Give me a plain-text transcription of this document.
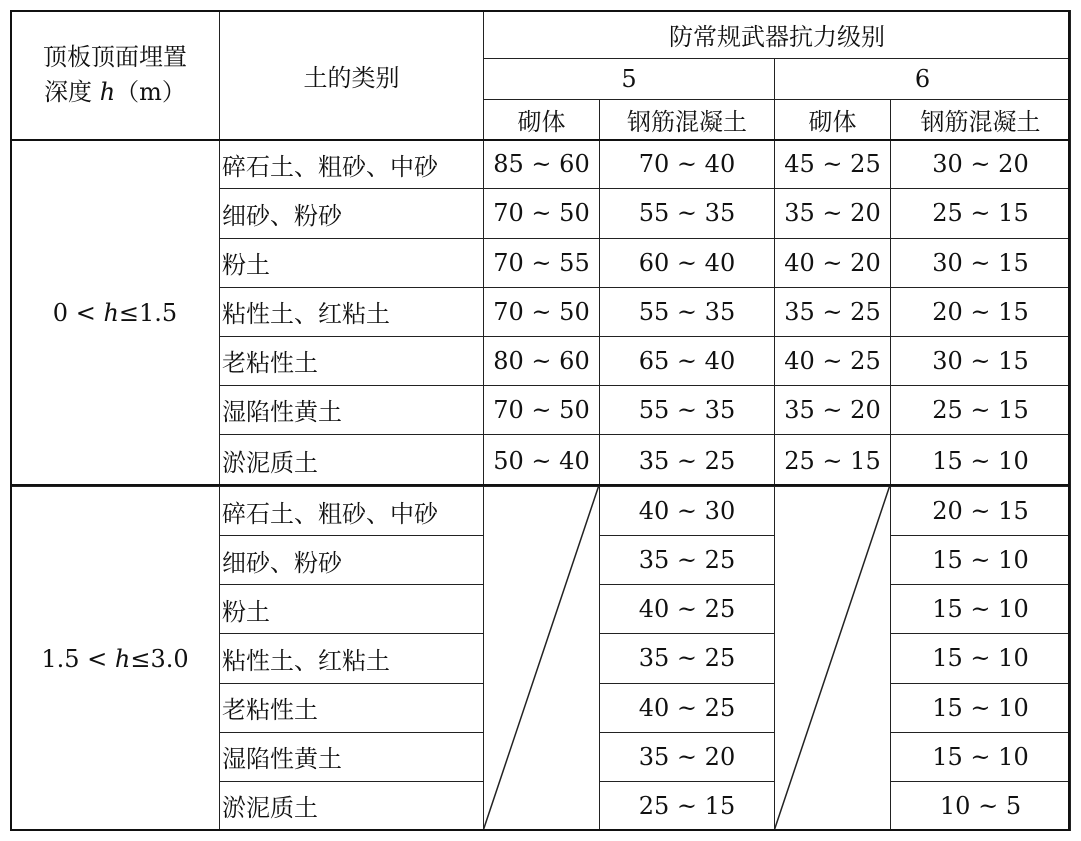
顶板顶面埋置
深度 h（m）	土的类别	防常规武器抗力级别			
		5		6	
		砌体	钢筋混凝土	砌体	钢筋混凝土
0 < h≤1.5	碎石土、粗砂、中砂	85 ~ 60	70 ~ 40	45 ~ 25	30 ~ 20
	细砂、粉砂	70 ~ 50	55 ~ 35	35 ~ 20	25 ~ 15
	粉土	70 ~ 55	60 ~ 40	40 ~ 20	30 ~ 15
	粘性土、红粘土	70 ~ 50	55 ~ 35	35 ~ 25	20 ~ 15
	老粘性土	80 ~ 60	65 ~ 40	40 ~ 25	30 ~ 15
	湿陷性黄土	70 ~ 50	55 ~ 35	35 ~ 20	25 ~ 15
	淤泥质土	50 ~ 40	35 ~ 25	25 ~ 15	15 ~ 10
1.5 < h≤3.0	碎石土、粗砂、中砂		40 ~ 30		20 ~ 15
	细砂、粉砂		35 ~ 25		15 ~ 10
	粉土		40 ~ 25		15 ~ 10
	粘性土、红粘土		35 ~ 25		15 ~ 10
	老粘性土		40 ~ 25		15 ~ 10
	湿陷性黄土		35 ~ 20		15 ~ 10
	淤泥质土		25 ~ 15		10 ~ 5
